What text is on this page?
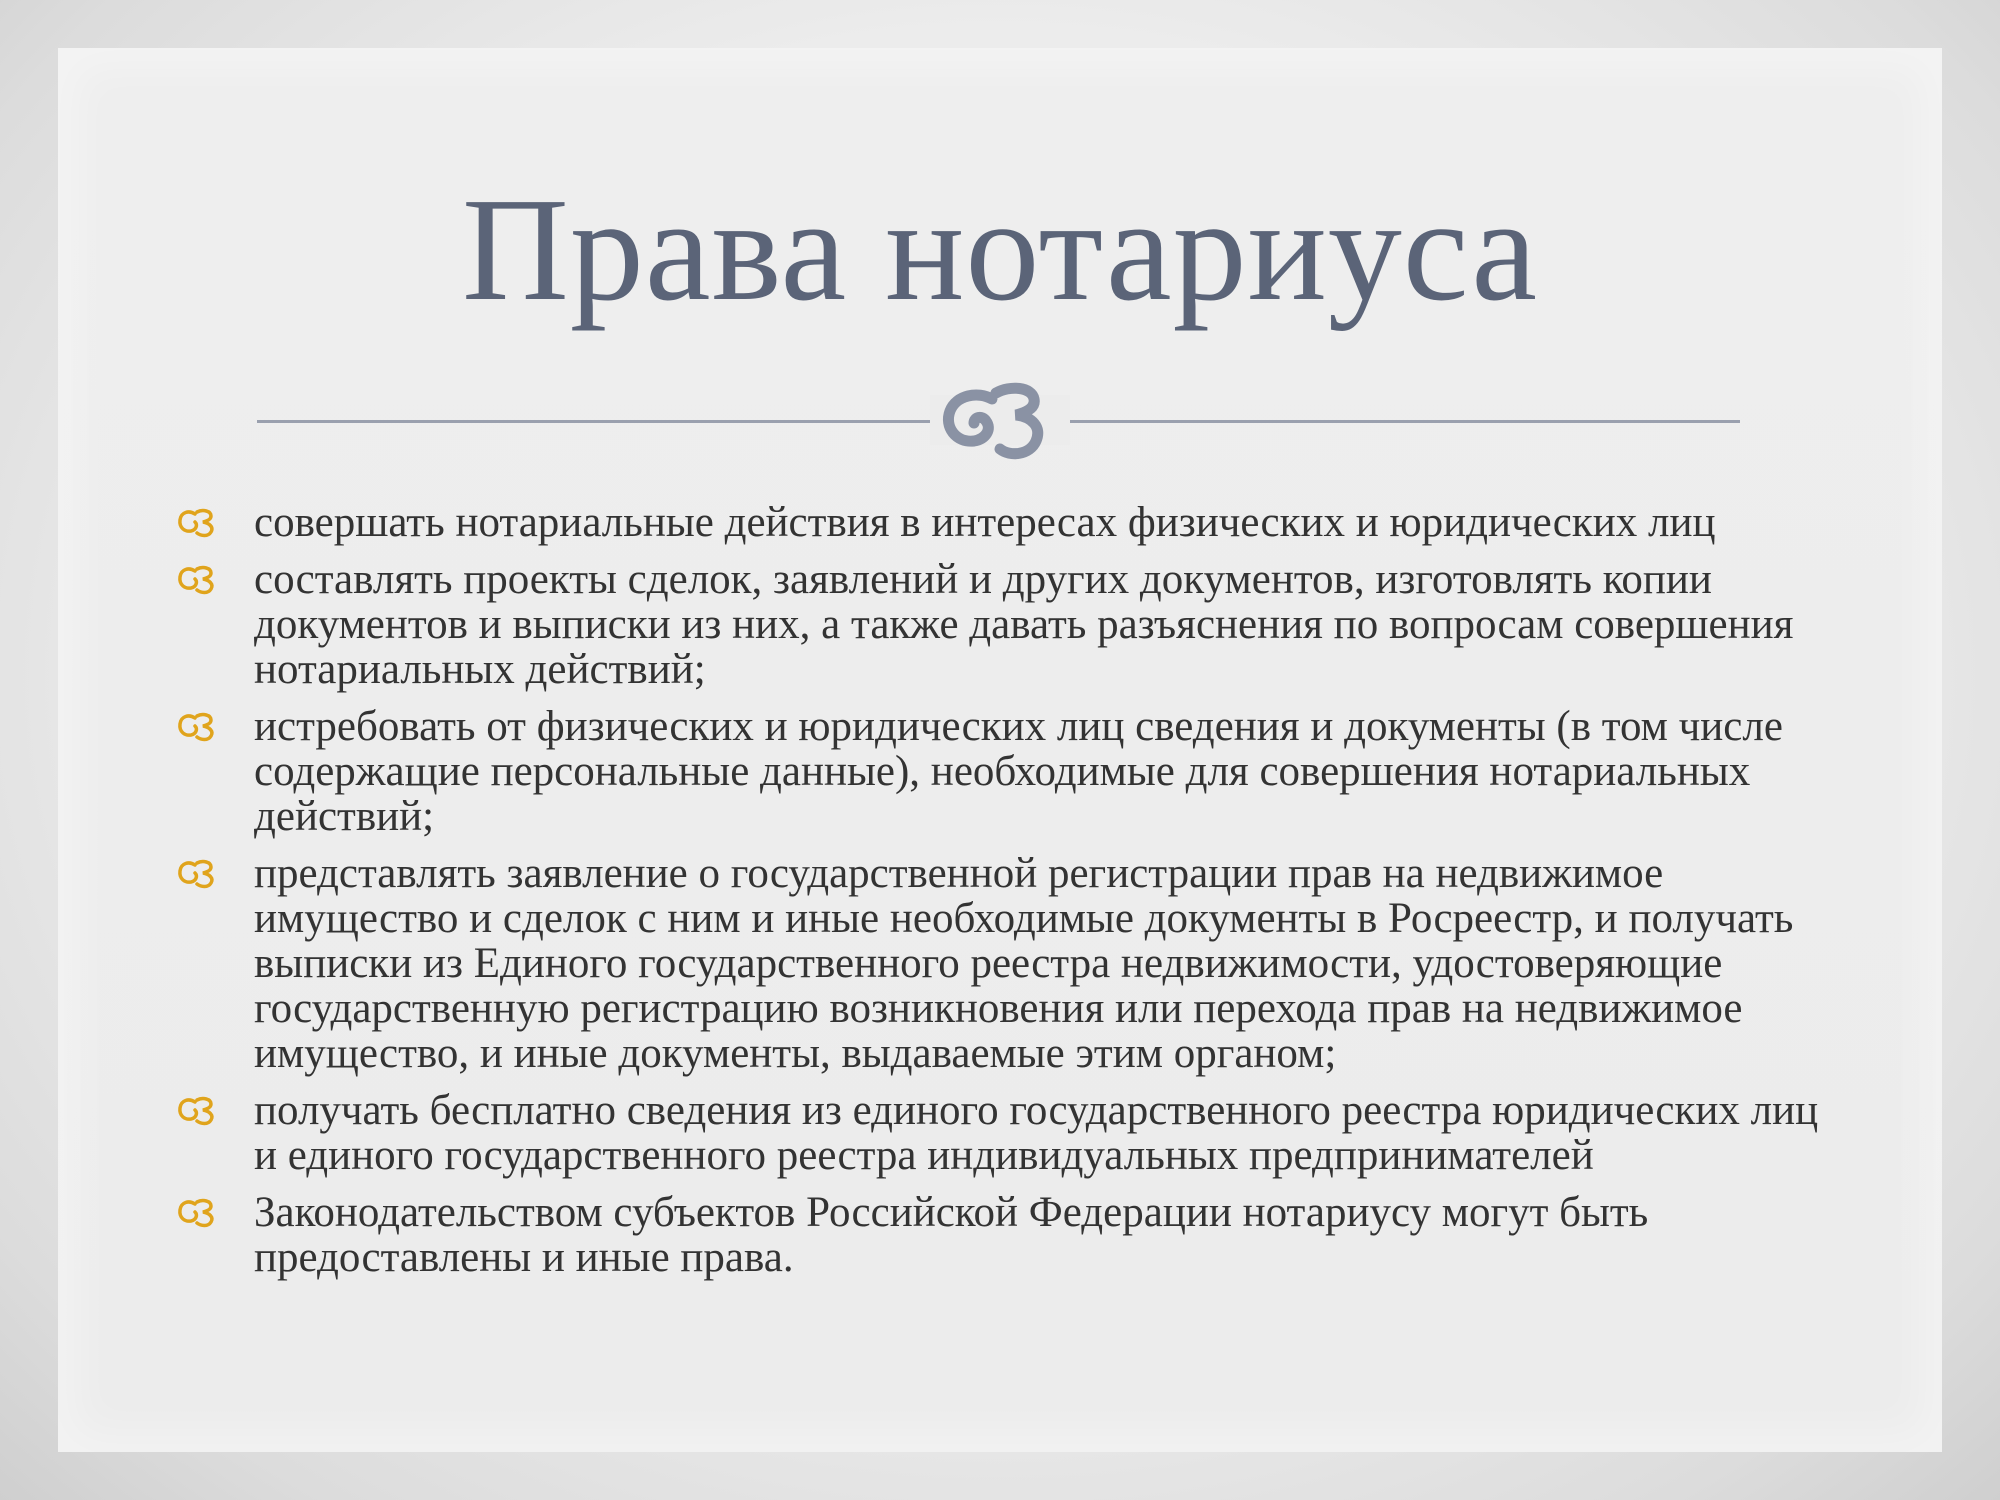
Права нотариуса
совершать нотариальные действия в интересах физических и юридических лиц
составлять проекты сделок, заявлений и других документов, изготовлять копии документов и выписки из них, а также давать разъяснения по вопросам совершения нотариальных действий;
истребовать от физических и юридических лиц сведения и документы (в том числе содержащие персональные данные), необходимые для совершения нотариальных действий;
представлять заявление о государственной регистрации прав на недвижимое имущество и сделок с ним и иные необходимые документы в Росреестр, и получать выписки из Единого государственного реестра недвижимости, удостоверяющие государственную регистрацию возникновения или перехода прав на недвижимое имущество, и иные документы, выдаваемые этим органом;
получать бесплатно сведения из единого государственного реестра юридических лиц и единого государственного реестра индивидуальных предпринимателей
Законодательством субъектов Российской Федерации нотариусу могут быть предоставлены и иные права.
